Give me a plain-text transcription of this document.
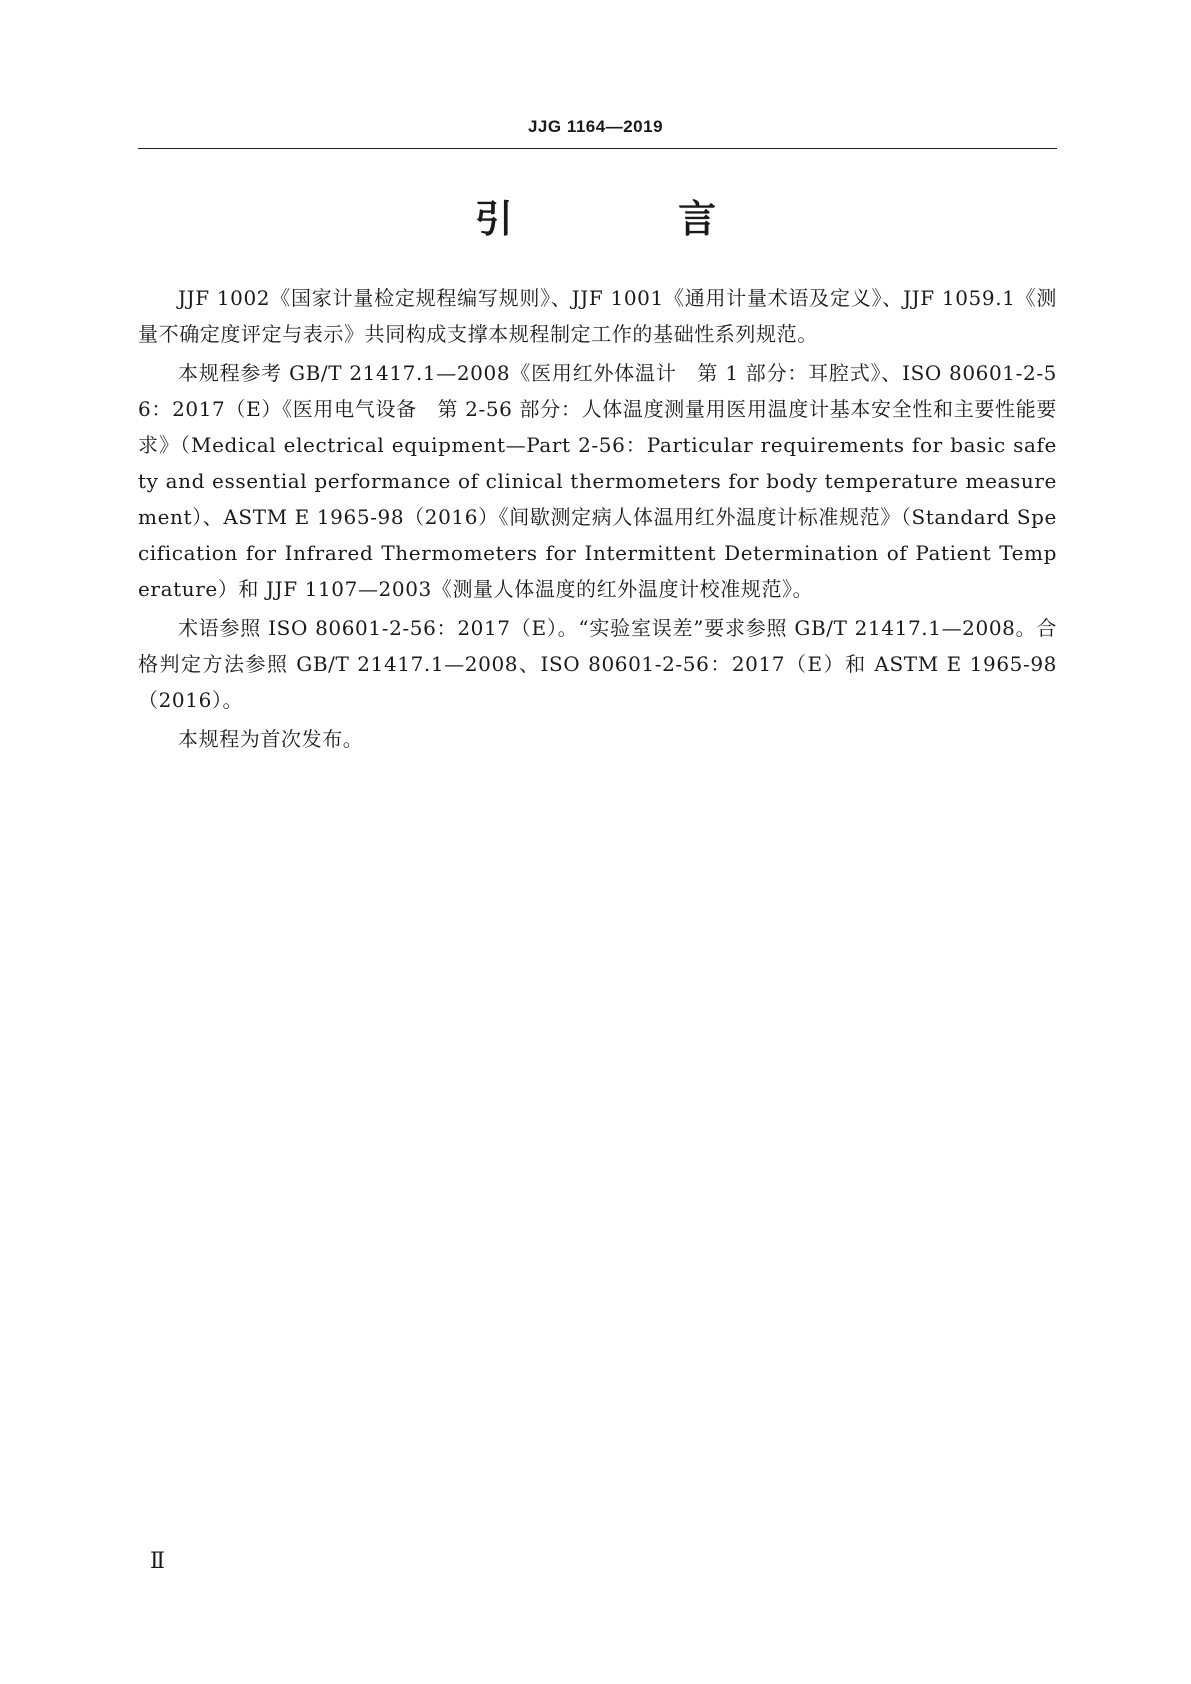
JJG 1164—2019
引 言

JJF 1002《国家计量检定规程编写规则》、JJF 1001《通用计量术语及定义》、JJF 1059.1《测量不确定度评定与表示》共同构成支撑本规程制定工作的基础性系列规范。

本规程参考 GB/T 21417.1—2008《医用红外体温计　第 1 部分：耳腔式》、ISO 80601-2-56：2017（E）《医用电气设备　第 2-56 部分：人体温度测量用医用温度计基本安全性和主要性能要求》（Medical electrical equipment—Part 2-56：Particular requirements for basic safety and essential performance of clinical thermometers for body temperature measurement）、ASTM E 1965-98（2016）《间歇测定病人体温用红外温度计标准规范》（Standard Specification for Infrared Thermometers for Intermittent Determination of Patient Temperature）和 JJF 1107—2003《测量人体温度的红外温度计校准规范》。

术语参照 ISO 80601-2-56：2017（E）。“实验室误差”要求参照 GB/T 21417.1—2008。合格判定方法参照 GB/T 21417.1—2008、ISO 80601-2-56：2017（E）和 ASTM E 1965-98（2016）。

本规程为首次发布。

Ⅱ
